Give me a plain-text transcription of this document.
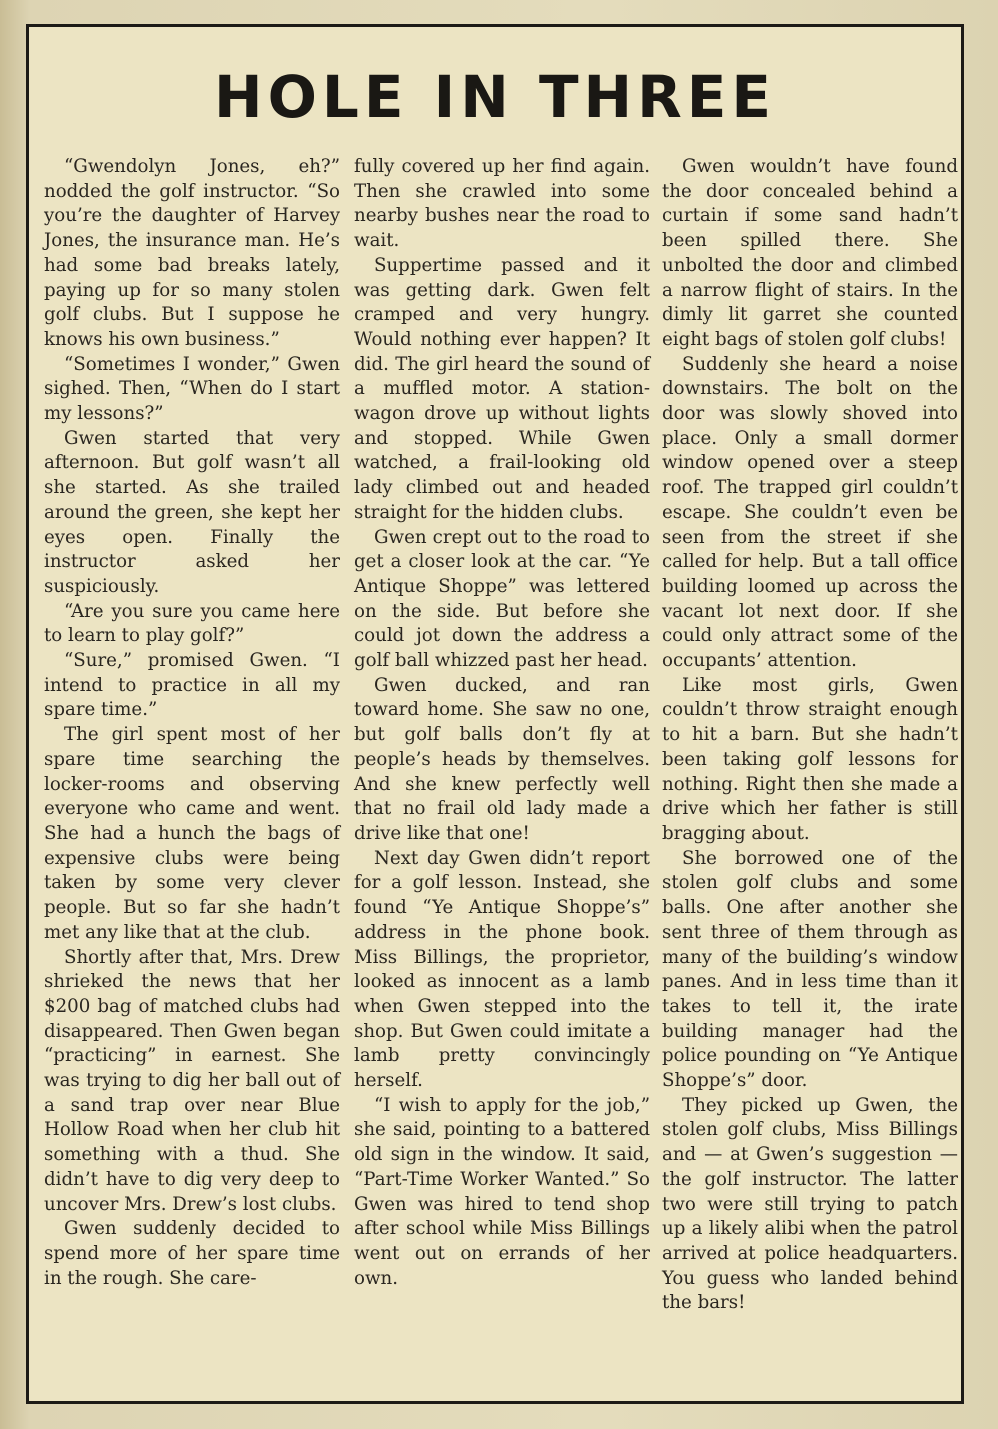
HOLE IN THREE

“Gwendolyn Jones, eh?” nodded the golf instructor. “So you’re the daughter of Harvey Jones, the insurance man. He’s had some bad breaks lately, paying up for so many stolen golf clubs. But I suppose he knows his own business.”

“Sometimes I wonder,” Gwen sighed. Then, “When do I start my lessons?”

Gwen started that very afternoon. But golf wasn’t all she started. As she trailed around the green, she kept her eyes open. Finally the instructor asked her suspiciously.

“Are you sure you came here to learn to play golf?”

“Sure,” promised Gwen. “I intend to practice in all my spare time.”

The girl spent most of her spare time searching the locker-rooms and observing everyone who came and went. She had a hunch the bags of expensive clubs were being taken by some very clever people. But so far she hadn’t met any like that at the club.

Shortly after that, Mrs. Drew shrieked the news that her $200 bag of matched clubs had disappeared. Then Gwen began “practicing” in earnest. She was trying to dig her ball out of a sand trap over near Blue Hollow Road when her club hit something with a thud. She didn’t have to dig very deep to uncover Mrs. Drew’s lost clubs.

Gwen suddenly decided to spend more of her spare time in the rough. She care-

fully covered up her find again. Then she crawled into some nearby bushes near the road to wait.

Suppertime passed and it was getting dark. Gwen felt cramped and very hungry. Would nothing ever happen? It did. The girl heard the sound of a muffled motor. A station-wagon drove up without lights and stopped. While Gwen watched, a frail-looking old lady climbed out and headed straight for the hidden clubs.

Gwen crept out to the road to get a closer look at the car. “Ye Antique Shoppe” was lettered on the side. But before she could jot down the address a golf ball whizzed past her head.

Gwen ducked, and ran toward home. She saw no one, but golf balls don’t fly at people’s heads by themselves. And she knew perfectly well that no frail old lady made a drive like that one!

Next day Gwen didn’t report for a golf lesson. Instead, she found “Ye Antique Shoppe’s” address in the phone book. Miss Billings, the proprietor, looked as innocent as a lamb when Gwen stepped into the shop. But Gwen could imitate a lamb pretty convincingly herself.

“I wish to apply for the job,” she said, pointing to a battered old sign in the window. It said, “Part-Time Worker Wanted.” So Gwen was hired to tend shop after school while Miss Billings went out on errands of her own.

Gwen wouldn’t have found the door concealed behind a curtain if some sand hadn’t been spilled there. She unbolted the door and climbed a narrow flight of stairs. In the dimly lit garret she counted eight bags of stolen golf clubs!

Suddenly she heard a noise downstairs. The bolt on the door was slowly shoved into place. Only a small dormer window opened over a steep roof. The trapped girl couldn’t escape. She couldn’t even be seen from the street if she called for help. But a tall office building loomed up across the vacant lot next door. If she could only attract some of the occupants’ attention.

Like most girls, Gwen couldn’t throw straight enough to hit a barn. But she hadn’t been taking golf lessons for nothing. Right then she made a drive which her father is still bragging about.

She borrowed one of the stolen golf clubs and some balls. One after another she sent three of them through as many of the building’s window panes. And in less time than it takes to tell it, the irate building manager had the police pounding on “Ye Antique Shoppe’s” door.

They picked up Gwen, the stolen golf clubs, Miss Billings and — at Gwen’s suggestion — the golf instructor. The latter two were still trying to patch up a likely alibi when the patrol arrived at police headquarters. You guess who landed behind the bars!
